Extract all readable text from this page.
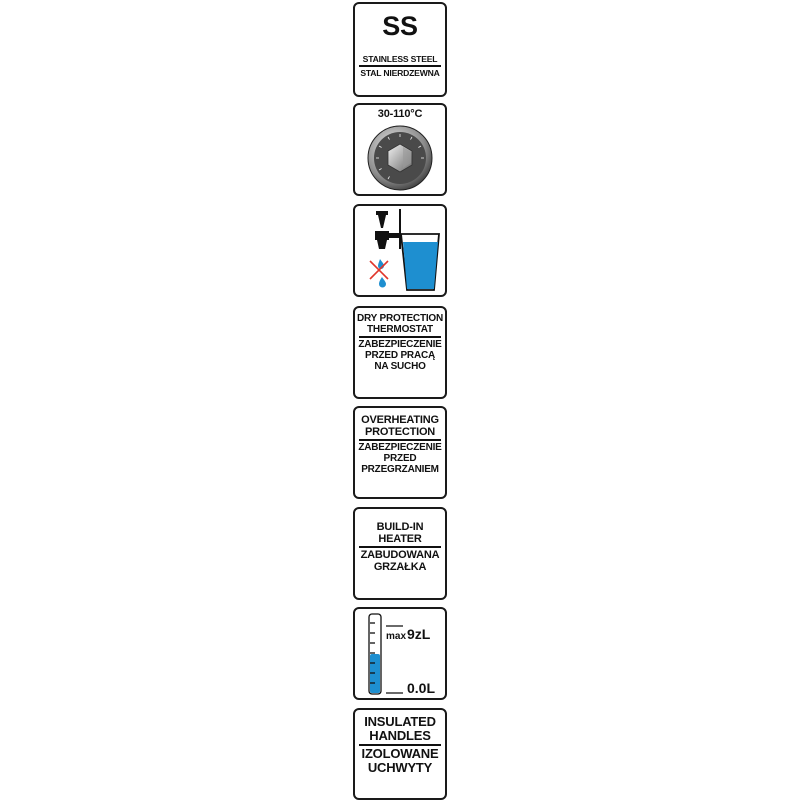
SS
STAINLESS STEEL
STAL NIERDZEWNA
30-110°C
DRY PROTECTION
THERMOSTAT
ZABEZPIECZENIE
PRZED PRACĄ
NA SUCHO
OVERHEATING
PROTECTION
ZABEZPIECZENIE
PRZED
PRZEGRZANIEM
BUILD-IN
HEATER
ZABUDOWANA
GRZAŁKA
max 9zL
0.0L
INSULATED
HANDLES
IZOLOWANE
UCHWYTY
